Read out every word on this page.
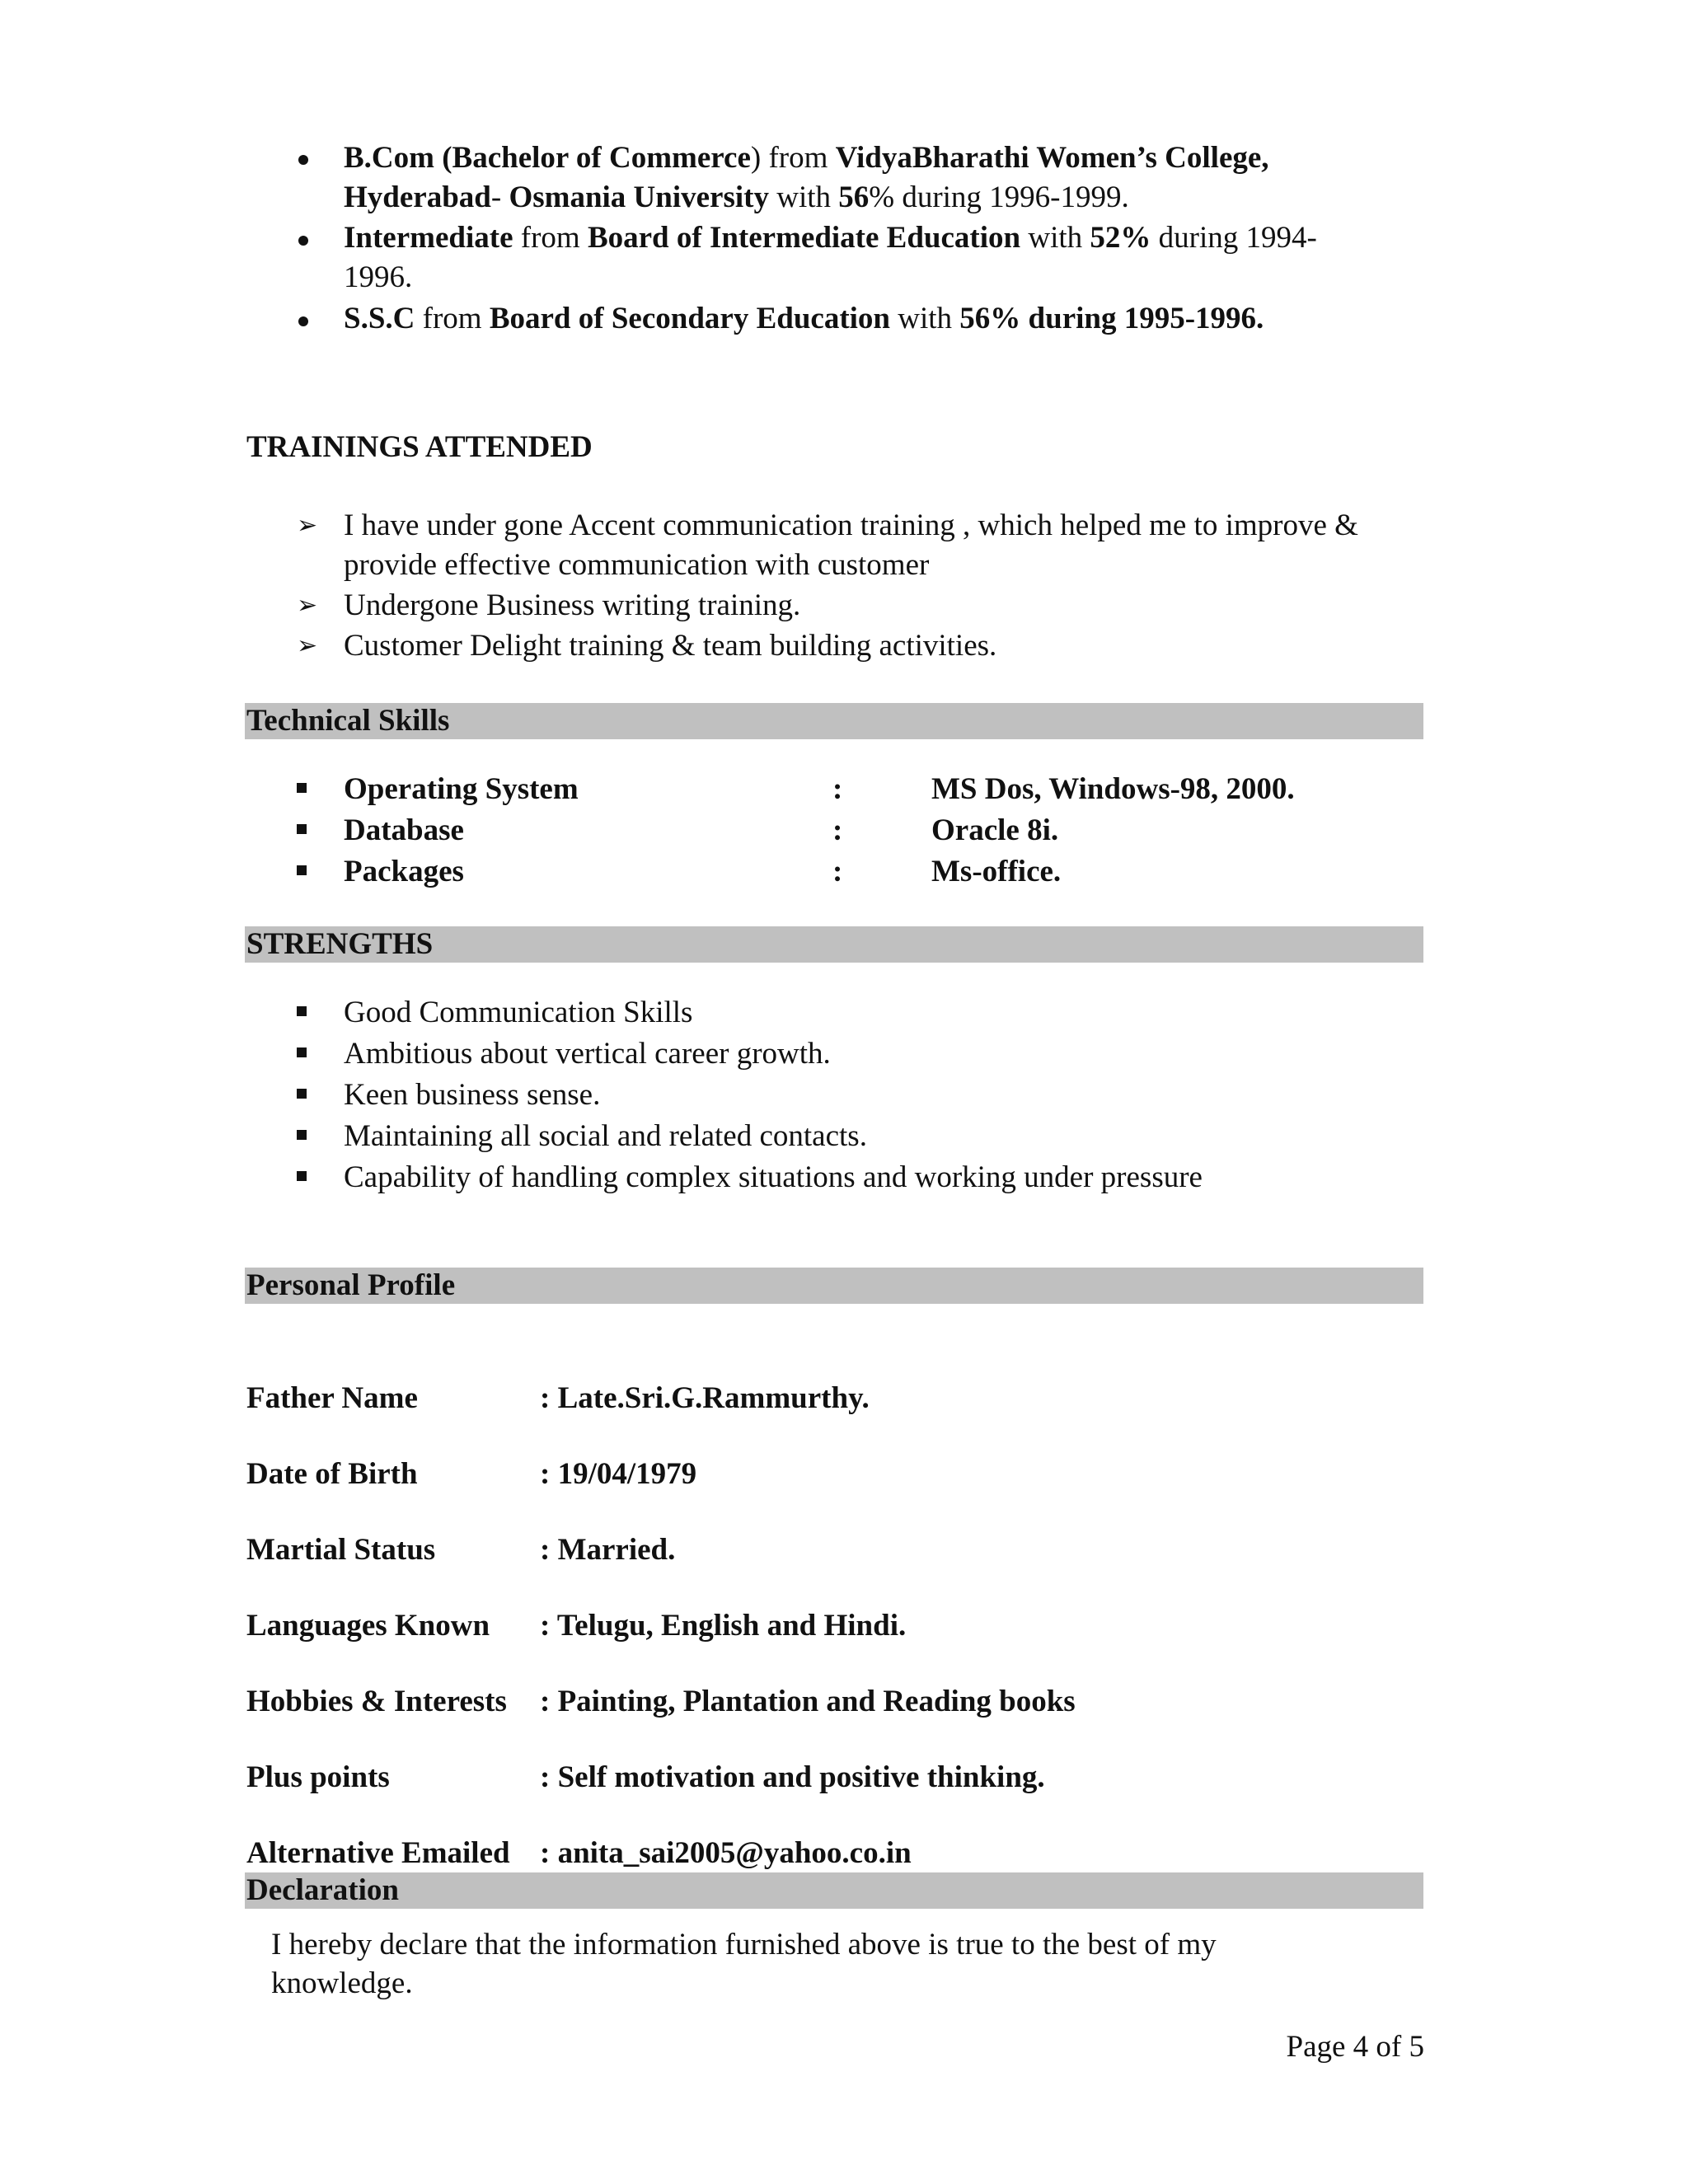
B.Com (Bachelor of Commerce) from VidyaBharathi Women’s College,
Hyderabad- Osmania University with 56% during 1996-1999.
Intermediate from Board of Intermediate Education with 52% during 1994-
1996.
S.S.C from Board of Secondary Education with 56% during 1995-1996.
TRAININGS ATTENDED
➢ I have under gone Accent communication training , which helped me to improve &
provide effective communication with customer
➢ Undergone Business writing training.
➢ Customer Delight training & team building activities.
Technical Skills
Operating System	:	MS Dos, Windows-98, 2000.
Database	:	Oracle 8i.
Packages	:	Ms-office.
STRENGTHS
Good Communication Skills
Ambitious about vertical career growth.
Keen business sense.
Maintaining all social and related contacts.
Capability of handling complex situations and working under pressure
Personal Profile
Father Name	: Late.Sri.G.Rammurthy.
Date of Birth	: 19/04/1979
Martial Status	: Married.
Languages Known : Telugu, English and Hindi.
Hobbies & Interests : Painting, Plantation and Reading books
Plus points	: Self motivation and positive thinking.
Alternative Emailed : anita_sai2005@yahoo.co.in
Declaration
I hereby declare that the information furnished above is true to the best of my
knowledge.
Page 4 of 5
